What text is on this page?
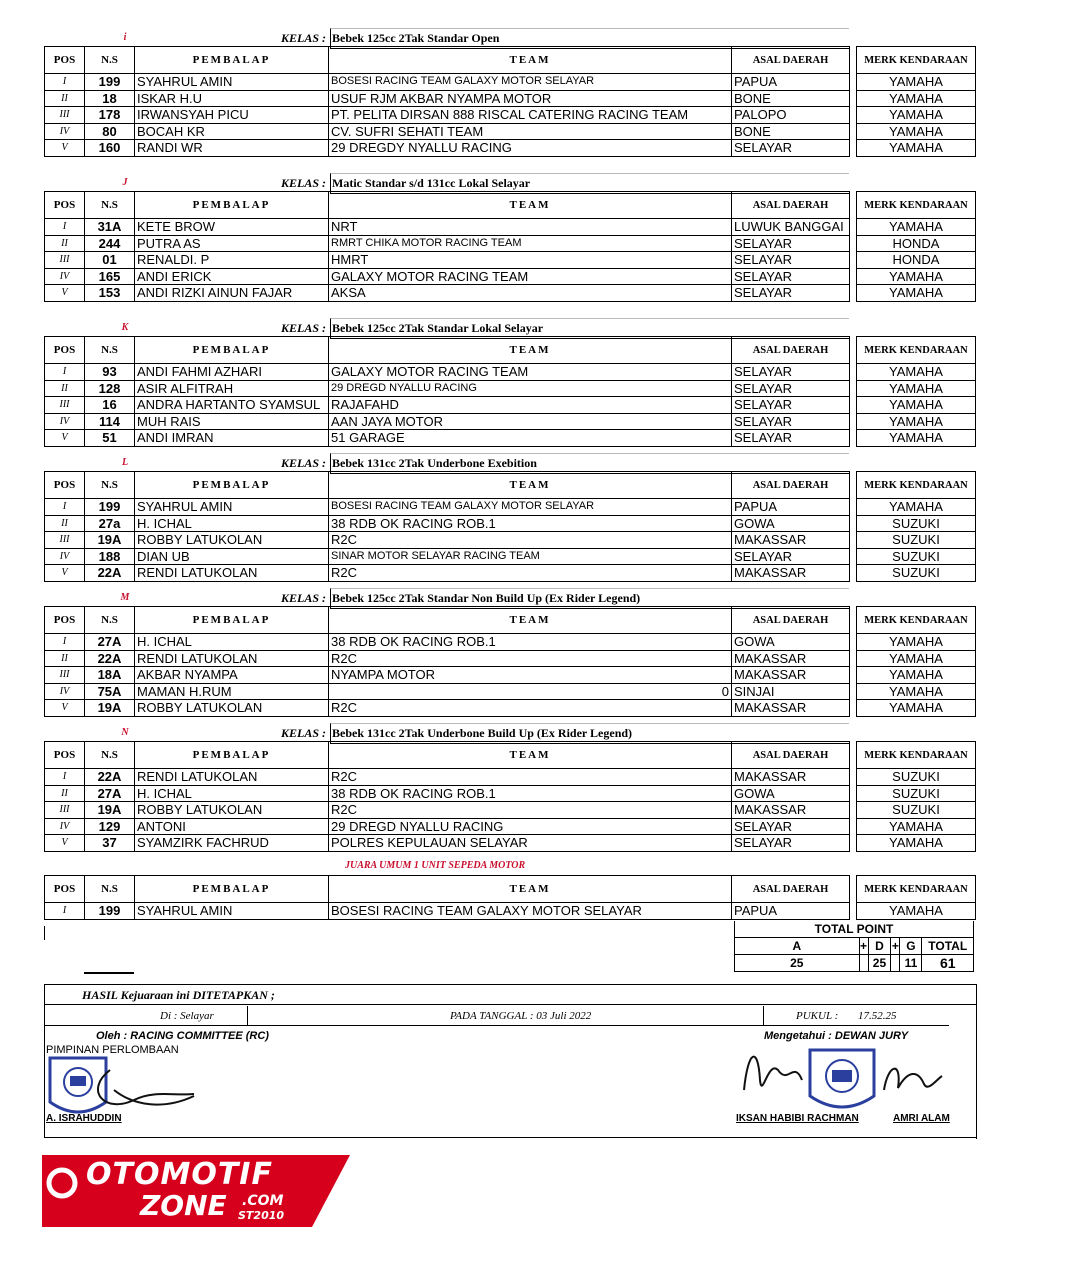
i	KELAS : Bebek 125cc 2Tak Standar Open
POS	N.S	PEMBALAP	TEAM	ASAL DAERAH		MERK KENDARAAN
I	199	SYAHRUL AMIN	BOSESI RACING TEAM GALAXY MOTOR SELAYAR	PAPUA		YAMAHA
II	18	ISKAR H.U	USUF RJM AKBAR NYAMPA MOTOR	BONE		YAMAHA
III	178	IRWANSYAH PICU	PT. PELITA DIRSAN 888 RISCAL CATERING RACING TEAM	PALOPO		YAMAHA
IV	80	BOCAH KR	CV. SUFRI SEHATI TEAM	BONE		YAMAHA
V	160	RANDI WR	29 DREGDY NYALLU RACING	SELAYAR		YAMAHA
J	KELAS : Matic Standar s/d 131cc Lokal Selayar
POS	N.S	PEMBALAP	TEAM	ASAL DAERAH		MERK KENDARAAN
I	31A	KETE BROW	NRT	LUWUK BANGGAI		YAMAHA
II	244	PUTRA AS	RMRT CHIKA MOTOR RACING TEAM	SELAYAR		HONDA
III	01	RENALDI. P	HMRT	SELAYAR		HONDA
IV	165	ANDI ERICK	GALAXY MOTOR RACING TEAM	SELAYAR		YAMAHA
V	153	ANDI RIZKI AINUN FAJAR	AKSA	SELAYAR		YAMAHA
K	KELAS : Bebek 125cc 2Tak Standar Lokal Selayar
POS	N.S	PEMBALAP	TEAM	ASAL DAERAH		MERK KENDARAAN
I	93	ANDI FAHMI AZHARI	GALAXY MOTOR RACING TEAM	SELAYAR		YAMAHA
II	128	ASIR ALFITRAH	29 DREGD NYALLU RACING	SELAYAR		YAMAHA
III	16	ANDRA HARTANTO SYAMSUL	RAJAFAHD	SELAYAR		YAMAHA
IV	114	MUH RAIS	AAN JAYA MOTOR	SELAYAR		YAMAHA
V	51	ANDI IMRAN	51 GARAGE	SELAYAR		YAMAHA
L	KELAS : Bebek 131cc 2Tak Underbone Exebition
POS	N.S	PEMBALAP	TEAM	ASAL DAERAH		MERK KENDARAAN
I	199	SYAHRUL AMIN	BOSESI RACING TEAM GALAXY MOTOR SELAYAR	PAPUA		YAMAHA
II	27a	H. ICHAL	38 RDB OK RACING ROB.1	GOWA		SUZUKI
III	19A	ROBBY LATUKOLAN	R2C	MAKASSAR		SUZUKI
IV	188	DIAN UB	SINAR MOTOR SELAYAR RACING TEAM	SELAYAR		SUZUKI
V	22A	RENDI LATUKOLAN	R2C	MAKASSAR		SUZUKI
M	KELAS : Bebek 125cc 2Tak Standar Non Build Up (Ex Rider Legend)
POS	N.S	PEMBALAP	TEAM	ASAL DAERAH		MERK KENDARAAN
I	27A	H. ICHAL	38 RDB OK RACING ROB.1	GOWA		YAMAHA
II	22A	RENDI LATUKOLAN	R2C	MAKASSAR		YAMAHA
III	18A	AKBAR NYAMPA	NYAMPA MOTOR	MAKASSAR		YAMAHA
IV	75A	MAMAN H.RUM	0	SINJAI		YAMAHA
V	19A	ROBBY LATUKOLAN	R2C	MAKASSAR		YAMAHA
N	KELAS : Bebek 131cc 2Tak Underbone Build Up (Ex Rider Legend)
POS	N.S	PEMBALAP	TEAM	ASAL DAERAH		MERK KENDARAAN
I	22A	RENDI LATUKOLAN	R2C	MAKASSAR		SUZUKI
II	27A	H. ICHAL	38 RDB OK RACING ROB.1	GOWA		SUZUKI
III	19A	ROBBY LATUKOLAN	R2C	MAKASSAR		SUZUKI
IV	129	ANTONI	29 DREGD NYALLU RACING	SELAYAR		YAMAHA
V	37	SYAMZIRK FACHRUD	POLRES KEPULAUAN SELAYAR	SELAYAR		YAMAHA
JUARA UMUM 1 UNIT SEPEDA MOTOR
POS	N.S	PEMBALAP	TEAM	ASAL DAERAH		MERK KENDARAAN
I	199	SYAHRUL AMIN	BOSESI RACING TEAM GALAXY MOTOR SELAYAR	PAPUA		YAMAHA
TOTAL POINT					
A	+	D	+	G	TOTAL
25		25		11	61
HASIL Kejuaraan ini DITETAPKAN ;
Di : Selayar	PADA TANGGAL : 03 Juli 2022	PUKUL : 17.52.25
Oleh : RACING COMMITTEE (RC)
PIMPINAN PERLOMBAAN
Mengetahui : DEWAN JURY
A. ISRAHUDDIN	IKSAN HABIBI RACHMAN	AMRI ALAM
OTOMOTIF
ZONE .COM
ST2010
